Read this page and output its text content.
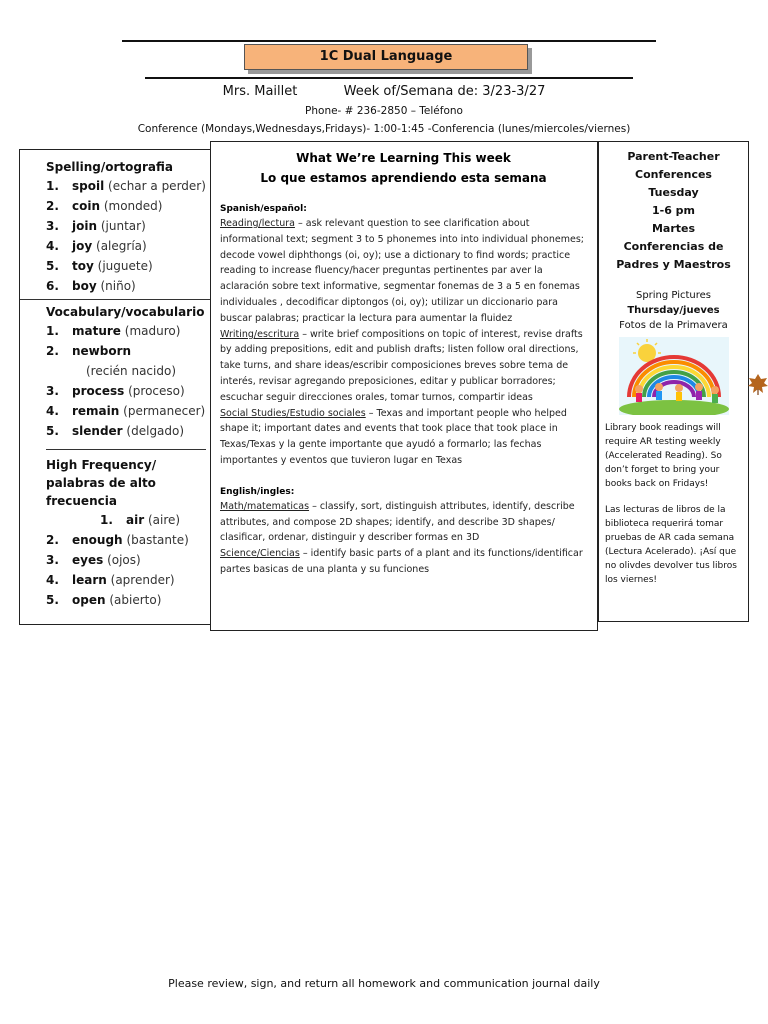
1C Dual Language
Mrs. Maillet	Week of/Semana de: 3/23-3/27
Phone- # 236-2850 – Teléfono
Conference (Mondays,Wednesdays,Fridays)- 1:00-1:45 -Conferencia (lunes/miercoles/viernes)
Spelling/ortografia
1. spoil (echar a perder)
2. coin (monded)
3. join (juntar)
4. joy (alegría)
5. toy (juguete)
6. boy (niño)
Vocabulary/vocabulario
1. mature (maduro)
2. newborn
(recién nacido)
3. process (proceso)
4. remain (permanecer)
5. slender (delgado)
High Frequency/
palabras de alto
frecuencia
1. air (aire)
2. enough (bastante)
3. eyes (ojos)
4. learn (aprender)
5. open (abierto)
What We’re Learning This week
Lo que estamos aprendiendo esta semana
Spanish/español:

Reading/lectura – ask relevant question to see clarification about informational text; segment 3 to 5 phonemes into into individual phonemes; decode vowel diphthongs (oi, oy); use a dictionary to find words; practice reading to increase fluency/hacer preguntas pertinentes par aver la aclaración sobre text informative, segmentar fonemas de 3 a 5 en fonemas individuales , decodificar diptongos (oi, oy); utilizar un diccionario para buscar palabras; practicar la lectura para aumentar la fluidez

Writing/escritura – write brief compositions on topic of interest, revise drafts by adding prepositions, edit and publish drafts; listen follow oral directions, take turns, and share ideas/escribir composiciones breves sobre tema de interés, revisar agregando preposiciones, editar y publicar borradores; escuchar seguir direcciones orales, tomar turnos, compartir ideas

Social Studies/Estudio sociales – Texas and important people who helped shape it; important dates and events that took place that took place in Texas/Texas y la gente importante que ayudó a formarlo; las fechas importantes y eventos que tuvieron lugar en Texas

English/ingles:

Math/matematicas – classify, sort, distinguish attributes, identify, describe attributes, and compose 2D shapes; identify, and describe 3D shapes/ clasificar, ordenar, distinguir y describer formas en 3D

Science/Ciencias – identify basic parts of a plant and its functions/identificar partes basicas de una planta y su funciones

Parent-Teacher
Conferences
Tuesday
1-6 pm
Martes
Conferencias de
Padres y Maestros
Spring Pictures
Thursday/jueves
Fotos de la Primavera
Library book readings will require AR testing weekly (Accelerated Reading). So don’t forget to bring your books back on Fridays!
Las lecturas de libros de la biblioteca requerirá tomar pruebas de AR cada semana (Lectura Acelerado). ¡Así que no olivdes devolver tus libros los viernes!
Please review, sign, and return all homework and communication journal daily
